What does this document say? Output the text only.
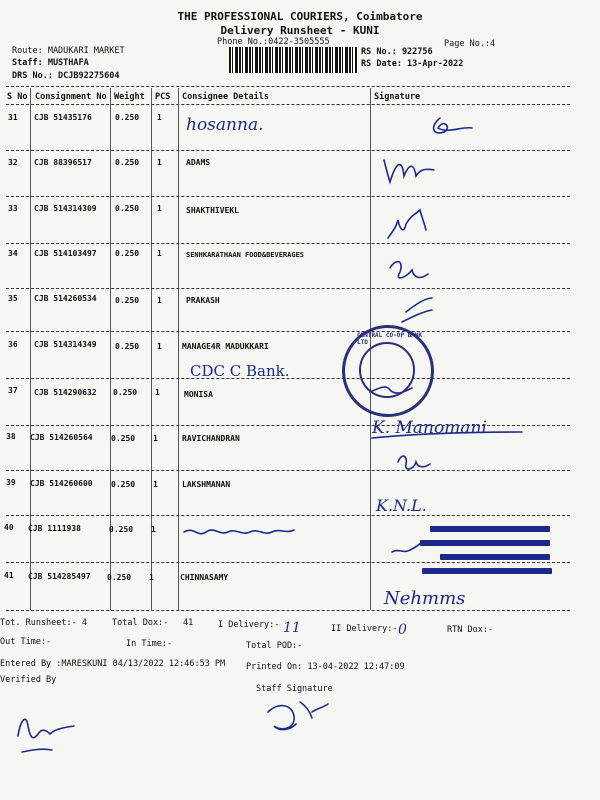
THE PROFESSIONAL COURIERS, Coimbatore
Delivery Runsheet - KUNI
Phone No.:0422-3505555	Page No.:4
Route: MADUKARI MARKET
Staff: MUSTHAFA
DRS No.: DCJB92275604
RS No.: 922756
RS Date: 13-Apr-2022
S No Consignment No Weight PCS Consignee Details	Signature
31 CJB 51435176	0.250 1
32 CJB 88396517	0.250 1	ADAMS
33 CJB 514314309 0.250 1	SHAKTHIVEKL
34 CJB 514103497 0.250 1	SENHKARATHAAN FOOD&BEVERAGES
35 CJB 514260534 0.250 1	PRAKASH
36 CJB 514314349 0.250 1	MANAGE4R MADUKKARI
37 CJB 514290632 0.250 1	MONISA
38 CJB 514260564 0.250 1	RAVICHANDRAN
39 CJB 514260600 0.250 1	LAKSHMANAN
40 CJB 1111938	0.250 1
41 CJB 514285497 0.250 1	CHINNASAMY
hosanna.
CDC C Bank.
K. Manomani
K.N.L.
Nehmms
11	0
CENTRAL CO-OP BANK LTD
Tot. Runsheet:- 4	Total Dox:- 41	I Delivery:-	II Delivery:-	RTN Dox:-
Out Time:-	In Time:-	Total POD:-
Entered By :MARESKUNI 04/13/2022 12:46:53 PM Printed On: 13-04-2022 12:47:09
Verified By
Staff Signature
